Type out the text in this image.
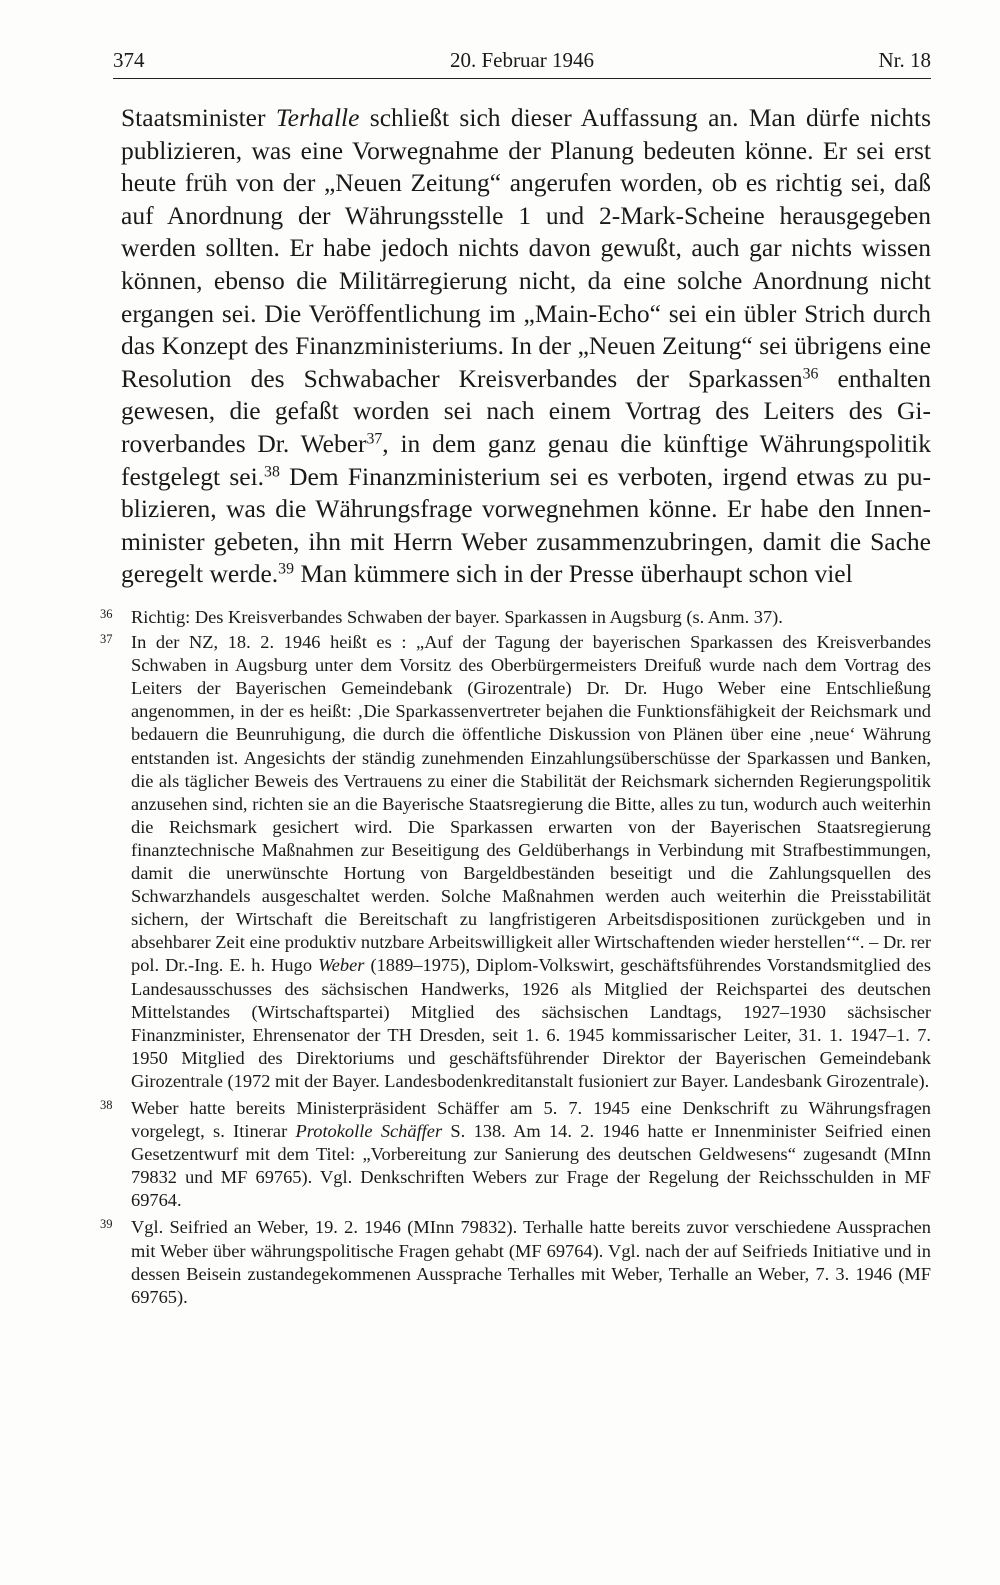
374	20. Februar 1946	Nr. 18

Staatsminister Terhalle schließt sich dieser Auffassung an. Man dürfe nichts publizieren, was eine Vorwegnahme der Planung bedeuten könne. Er sei erst heute früh von der „Neuen Zeitung“ angerufen worden, ob es richtig sei, daß auf Anordnung der Währungsstelle 1 und 2-Mark-Scheine herausgegeben werden sollten. Er habe jedoch nichts davon gewußt, auch gar nichts wissen können, ebenso die Militärregierung nicht, da eine solche Anordnung nicht ergangen sei. Die Veröffentlichung im „Main-Echo“ sei ein übler Strich durch das Konzept des Finanzministeriums. In der „Neuen Zeitung“ sei übrigens eine Resolution des Schwabacher Kreisverbandes der Sparkassen$^{36}$ enthalten gewesen, die gefaßt worden sei nach einem Vortrag des Leiters des Giroverbandes Dr. Weber$^{37}$, in dem ganz genau die künftige Währungspolitik festgelegt sei.$^{38}$ Dem Finanzministerium sei es verboten, irgend etwas zu publizieren, was die Währungsfrage vorwegnehmen könne. Er habe den Innenminister gebeten, ihn mit Herrn Weber zusammenzubringen, damit die Sache geregelt werde.$^{39}$ Man kümmere sich in der Presse überhaupt schon viel

36	Richtig: Des Kreisverbandes Schwaben der bayer. Sparkassen in Augsburg (s. Anm. 37).
37	In der NZ, 18. 2. 1946 heißt es : „Auf der Tagung der bayerischen Sparkassen des Kreisverbandes Schwaben in Augsburg unter dem Vorsitz des Oberbürgermeisters Dreifuß wurde nach dem Vortrag des Leiters der Bayerischen Gemeindebank (Girozentrale) Dr. Dr. Hugo Weber eine Entschließung angenommen, in der es heißt: ‚Die Sparkassenvertreter bejahen die Funktionsfähigkeit der Reichsmark und bedauern die Beunruhigung, die durch die öffentliche Diskussion von Plänen über eine ‚neue‘ Währung entstanden ist. Angesichts der ständig zunehmenden Einzahlungsüberschüsse der Sparkassen und Banken, die als täglicher Beweis des Vertrauens zu einer die Stabilität der Reichsmark sichernden Regierungspolitik anzusehen sind, richten sie an die Bayerische Staatsregierung die Bitte, alles zu tun, wodurch auch weiterhin die Reichsmark gesichert wird. Die Sparkassen erwarten von der Bayerischen Staatsregierung finanztechnische Maßnahmen zur Beseitigung des Geldüberhangs in Verbindung mit Strafbestimmungen, damit die unerwünschte Hortung von Bargeldbeständen beseitigt und die Zahlungsquellen des Schwarzhandels ausgeschaltet werden. Solche Maßnahmen werden auch weiterhin die Preisstabilität sichern, der Wirtschaft die Bereitschaft zu langfristigeren Arbeitsdispositionen zurückgeben und in absehbarer Zeit eine produktiv nutzbare Arbeitswilligkeit aller Wirtschaftenden wieder herstellen‘“. – Dr. rer pol. Dr.-Ing. E. h. Hugo Weber (1889–1975), Diplom-Volkswirt, geschäftsführendes Vorstandsmitglied des Landesausschusses des sächsischen Handwerks, 1926 als Mitglied der Reichspartei des deutschen Mittelstandes (Wirtschaftspartei) Mitglied des sächsischen Landtags, 1927–1930 sächsischer Finanzminister, Ehrensenator der TH Dresden, seit 1. 6. 1945 kommissarischer Leiter, 31. 1. 1947–1. 7. 1950 Mitglied des Direktoriums und geschäftsführender Direktor der Bayerischen Gemeindebank Girozentrale (1972 mit der Bayer. Landesbodenkreditanstalt fusioniert zur Bayer. Landesbank Girozentrale).
38	Weber hatte bereits Ministerpräsident Schäffer am 5. 7. 1945 eine Denkschrift zu Währungsfragen vorgelegt, s. Itinerar Protokolle Schäffer S. 138. Am 14. 2. 1946 hatte er Innenminister Seifried einen Gesetzentwurf mit dem Titel: „Vorbereitung zur Sanierung des deutschen Geldwesens“ zugesandt (MInn 79832 und MF 69765). Vgl. Denkschriften Webers zur Frage der Regelung der Reichsschulden in MF 69764.
39	Vgl. Seifried an Weber, 19. 2. 1946 (MInn 79832). Terhalle hatte bereits zuvor verschiedene Aussprachen mit Weber über währungspolitische Fragen gehabt (MF 69764). Vgl. nach der auf Seifrieds Initiative und in dessen Beisein zustandegekommenen Aussprache Terhalles mit Weber, Terhalle an Weber, 7. 3. 1946 (MF 69765).
